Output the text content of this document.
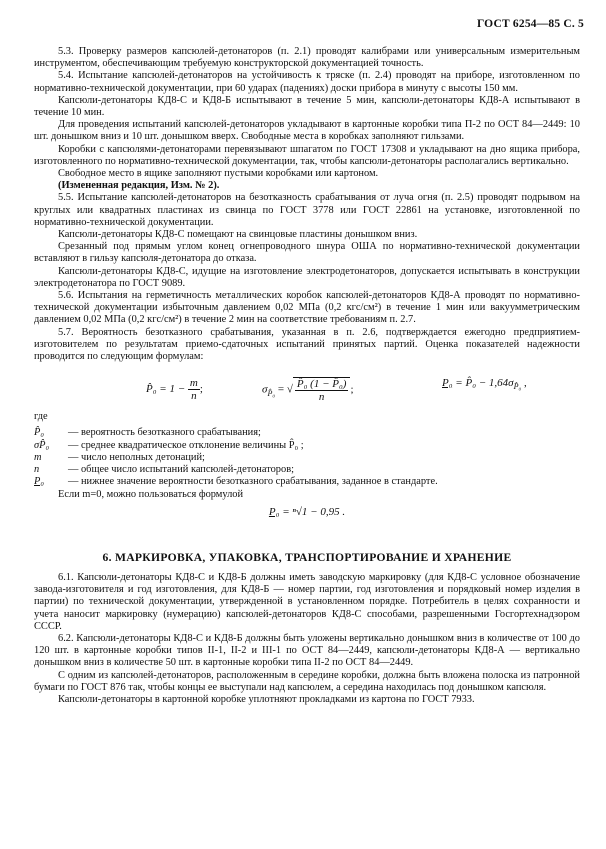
ГОСТ 6254—85 С. 5

5.3. Проверку размеров капсюлей-детонаторов (п. 2.1) проводят калибрами или универсальным измерительным инструментом, обеспечивающим требуемую конструкторской документацией точность.

5.4. Испытание капсюлей-детонаторов на устойчивость к тряске (п. 2.4) проводят на приборе, изготовленном по нормативно-технической документации, при 60 ударах (падениях) доски прибора в минуту с высоты 150 мм.

Капсюли-детонаторы КД8-С и КД8-Б испытывают в течение 5 мин, капсюли-детонаторы КД8-А испытывают в течение 10 мин.

Для проведения испытаний капсюлей-детонаторов укладывают в картонные коробки типа П-2 по ОСТ 84—2449: 10 шт. донышком вниз и 10 шт. донышком вверх. Свободные места в коробках заполняют гильзами.

Коробки с капсюлями-детонаторами перевязывают шпагатом по ГОСТ 17308 и укладывают на дно ящика прибора, изготовленного по нормативно-технической документации, так, чтобы капсюли-детонаторы располагались вертикально.

Свободное место в ящике заполняют пустыми коробками или картоном.

(Измененная редакция, Изм. № 2).

5.5. Испытание капсюлей-детонаторов на безотказность срабатывания от луча огня (п. 2.5) проводят подрывом на круглых или квадратных пластинах из свинца по ГОСТ 3778 или ГОСТ 22861 на установке, изготовленной по нормативно-технической документации.

Капсюли-детонаторы КД8-С помещают на свинцовые пластины донышком вниз.

Срезанный под прямым углом конец огнепроводного шнура ОША по нормативно-технической документации вставляют в гильзу капсюля-детонатора до отказа.

Капсюли-детонаторы КД8-С, идущие на изготовление электродетонаторов, допускается испытывать в конструкции электродетонатора по ГОСТ 9089.

5.6. Испытания на герметичность металлических коробок капсюлей-детонаторов КД8-А проводят по нормативно-технической документации избыточным давлением 0,02 МПа (0,2 кгс/см²) в течение 1 мин или вакуумметрическим давлением 0,02 МПа (0,2 кгс/см²) в течение 2 мин на соответствие требованиям п. 2.7.

5.7. Вероятность безотказного срабатывания, указанная в п. 2.6, подтверждается ежегодно предприятием-изготовителем по результатам приемо-сдаточных испытаний принятых партий. Оценка показателей надежности проводится по следующим формулам:

P̂₀ = $1 - \frac{m}{n}$ ;	$\sigma_{P̂_0}$ = √ $\frac{\text{P̂₀ (1 − P̂₀)}}{n}$ ;
P₀ = P̂₀ − $1,64\sigma_{P̂_0}$ ,
где
P̂₀ — вероятность безотказного срабатывания;
σP̂₀ — среднее квадратическое отклонение величины P̂₀ ;
m	— число неполных детонаций;
n	— общее число испытаний капсюлей-детонаторов;
P₀ — нижнее значение вероятности безотказного срабатывания, заданное в стандарте.

Если m=0, можно пользоваться формулой

P₀ = ⁿ√1 − 0,95 .
6. МАРКИРОВКА, УПАКОВКА, ТРАНСПОРТИРОВАНИЕ И ХРАНЕНИЕ

6.1. Капсюли-детонаторы КД8-С и КД8-Б должны иметь заводскую маркировку (для КД8-С условное обозначение завода-изготовителя и год изготовления, для КД8-Б — номер партии, год изготовления и порядковый номер изделия в партии) по технической документации, утвержденной в установленном порядке. Потребитель в целях сохранности и учета наносит маркировку (нумерацию) капсюлей-детонаторов КД8-С способами, разрешенными Госгортехнадзором СССР.

6.2. Капсюли-детонаторы КД8-С и КД8-Б должны быть уложены вертикально донышком вниз в количестве от 100 до 120 шт. в картонные коробки типов II-1, II-2 и III-1 по ОСТ 84—2449, капсюли-детонаторы КД8-А — вертикально донышком вниз в количестве 50 шт. в картонные коробки типа II-2 по ОСТ 84—2449.

С одним из капсюлей-детонаторов, расположенным в середине коробки, должна быть вложена полоска из патронной бумаги по ГОСТ 876 так, чтобы концы ее выступали над капсюлем, а середина находилась под донышком капсюля.

Капсюли-детонаторы в картонной коробке уплотняют прокладками из картона по ГОСТ 7933.
